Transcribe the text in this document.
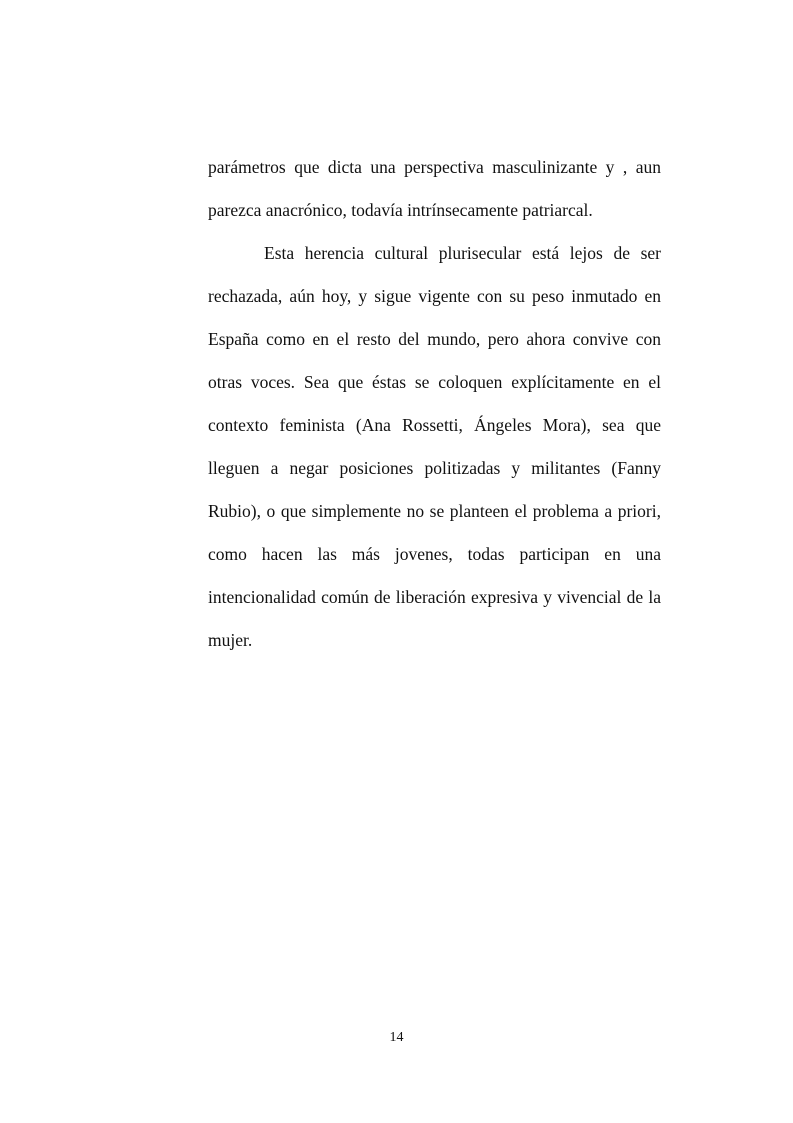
parámetros que dicta una perspectiva masculinizante y , aun parezca anacrónico, todavía intrínsecamente patriarcal.

Esta herencia cultural plurisecular está lejos de ser rechazada, aún hoy, y sigue vigente con su peso inmutado en España como en el resto del mundo, pero ahora convive con otras voces. Sea que éstas se coloquen explícitamente en el contexto feminista (Ana Rossetti, Ángeles Mora), sea que lleguen a negar posiciones politizadas y militantes (Fanny Rubio), o que simplemente no se planteen el problema a priori, como hacen las más jovenes, todas participan en una intencionalidad común de liberación expresiva y vivencial de la mujer.

14
